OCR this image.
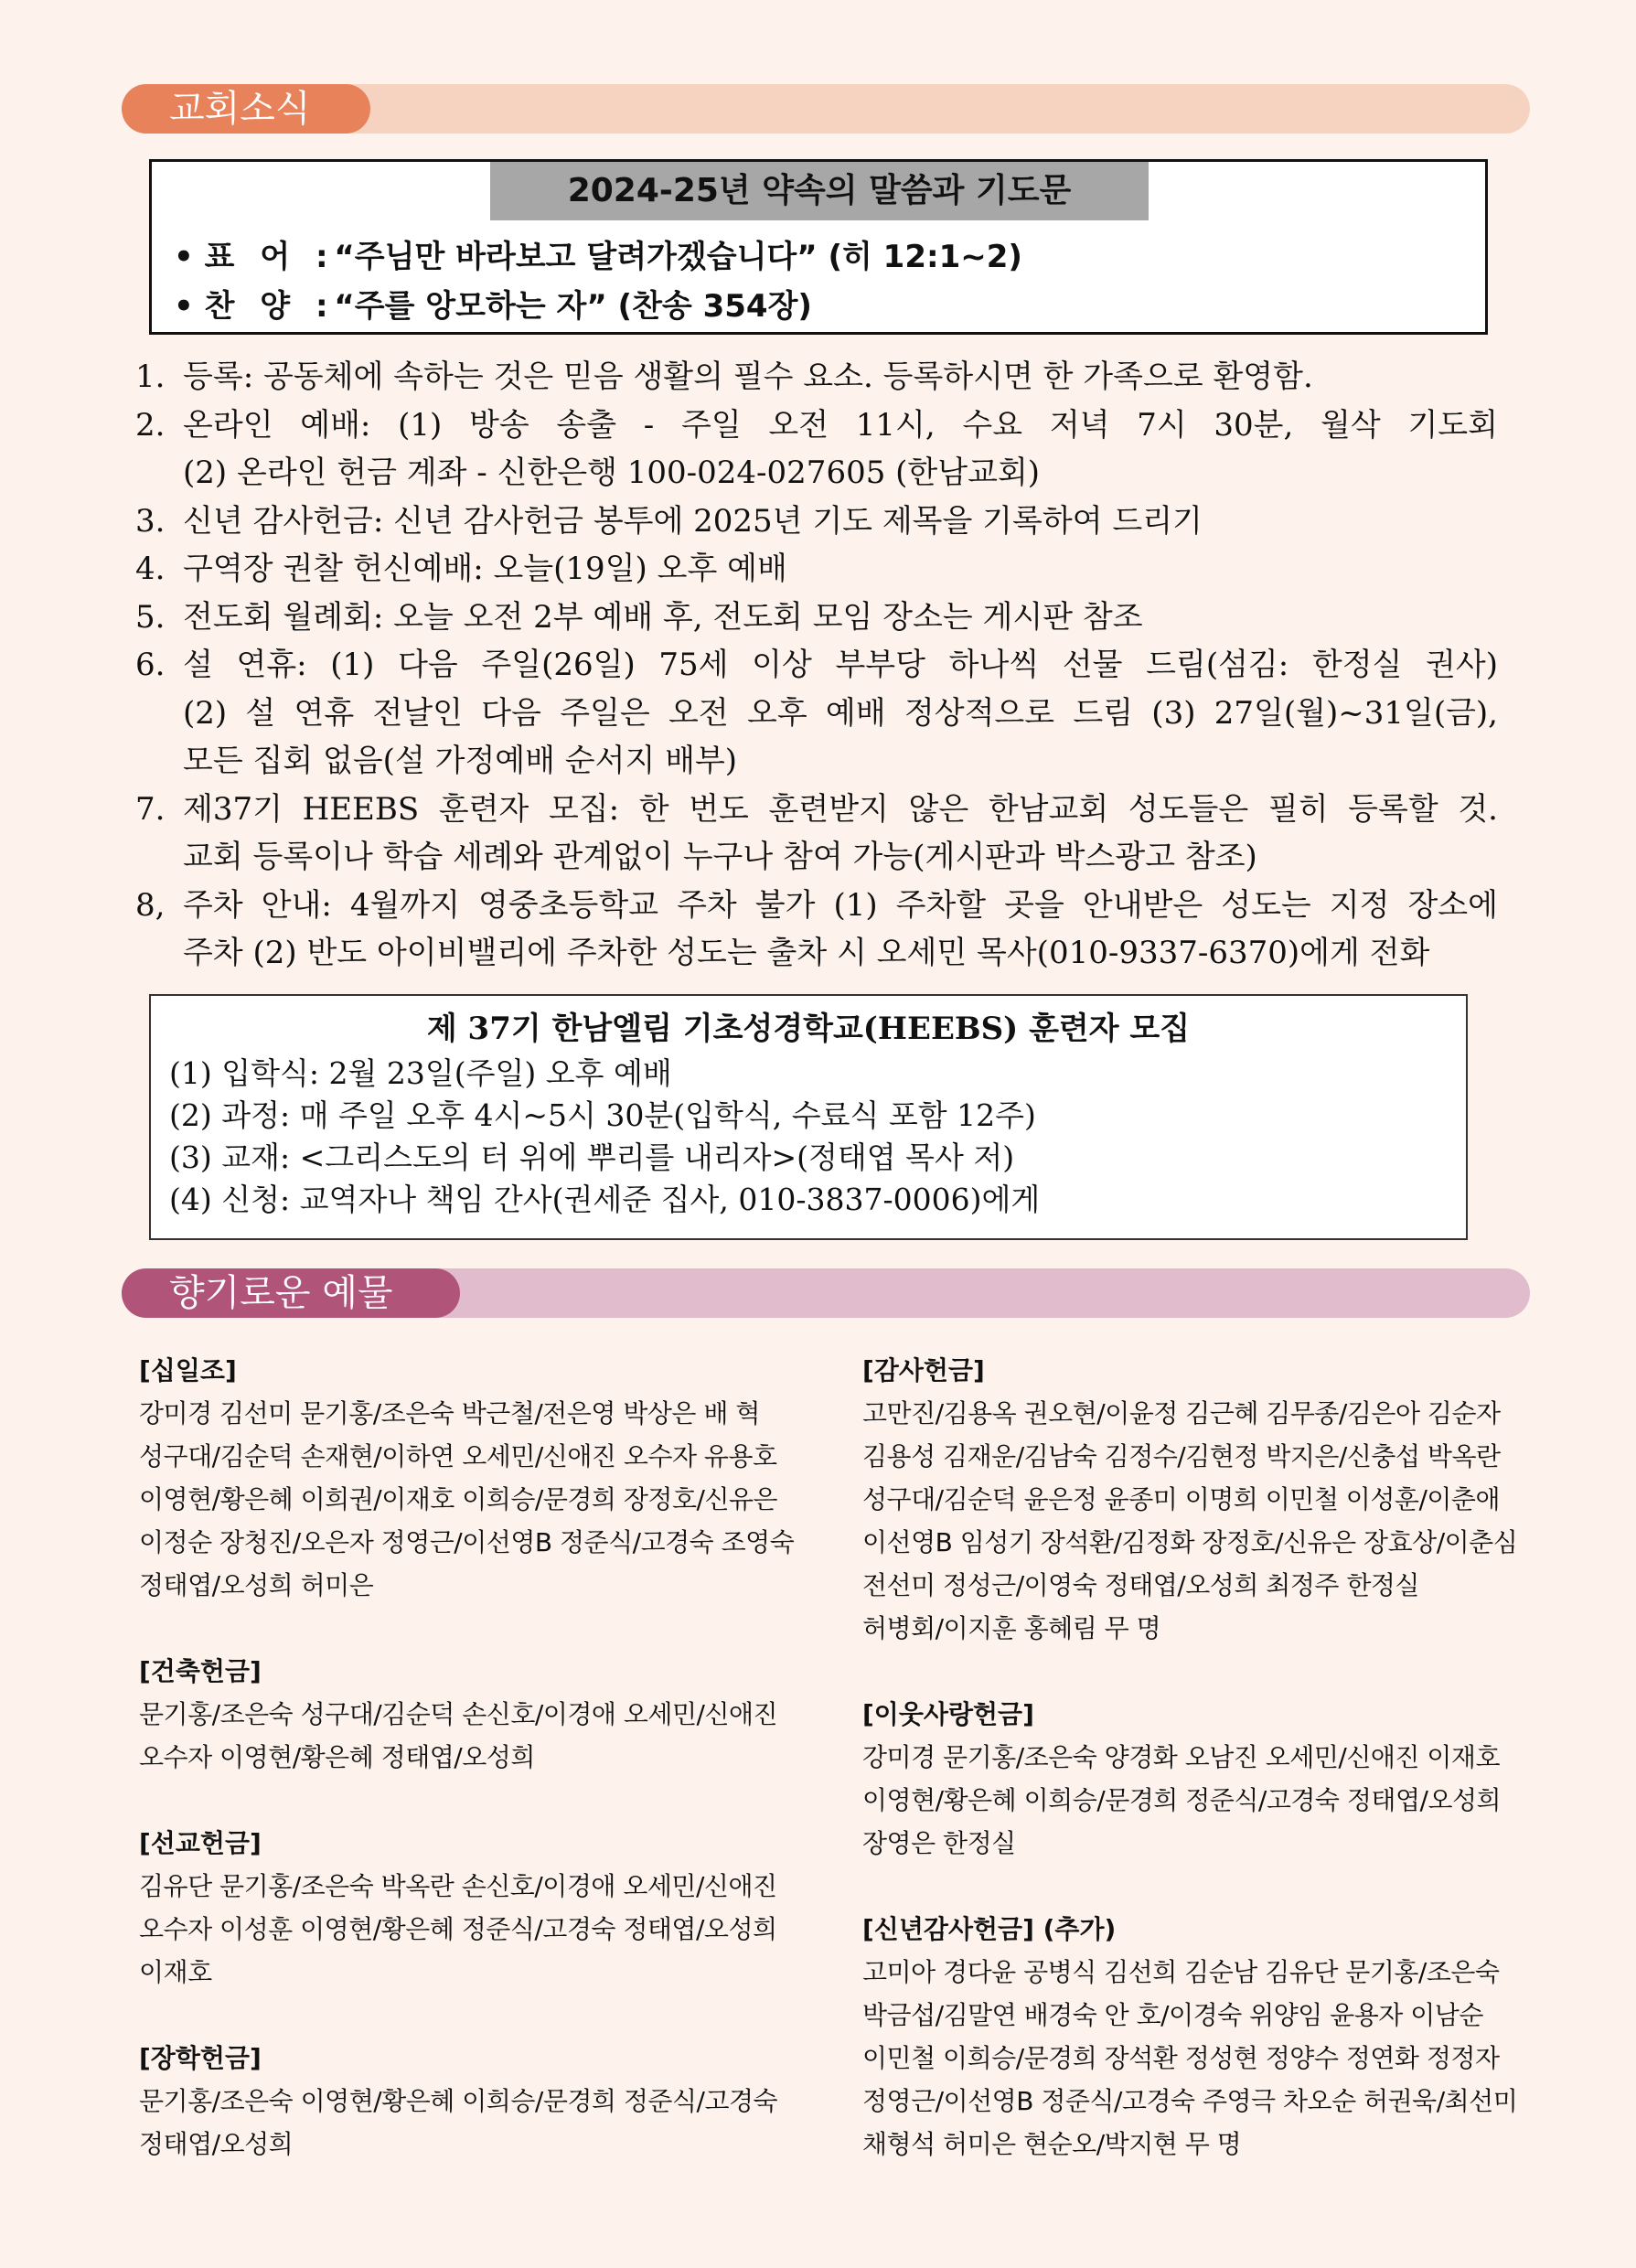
교회소식
2024-25년 약속의 말씀과 기도문
• 표 어 : “주님만 바라보고 달려가겠습니다” (히 12:1~2)
• 찬 양 : “주를 앙모하는 자” (찬송 354장)
1. 등록: 공동체에 속하는 것은 믿음 생활의 필수 요소. 등록하시면 한 가족으로 환영함.
2. 온라인 예배: (1) 방송 송출 - 주일 오전 11시, 수요 저녁 7시 30분, 월삭 기도회
(2) 온라인 헌금 계좌 - 신한은행 100-024-027605 (한남교회)
3. 신년 감사헌금: 신년 감사헌금 봉투에 2025년 기도 제목을 기록하여 드리기
4. 구역장 권찰 헌신예배: 오늘(19일) 오후 예배
5. 전도회 월례회: 오늘 오전 2부 예배 후, 전도회 모임 장소는 게시판 참조
6. 설 연휴: (1) 다음 주일(26일) 75세 이상 부부당 하나씩 선물 드림(섬김: 한정실 권사)
(2) 설 연휴 전날인 다음 주일은 오전 오후 예배 정상적으로 드림 (3) 27일(월)~31일(금),
모든 집회 없음(설 가정예배 순서지 배부)
7. 제37기 HEEBS 훈련자 모집: 한 번도 훈련받지 않은 한남교회 성도들은 필히 등록할 것.
교회 등록이나 학습 세례와 관계없이 누구나 참여 가능(게시판과 박스광고 참조)
8, 주차 안내: 4월까지 영중초등학교 주차 불가 (1) 주차할 곳을 안내받은 성도는 지정 장소에
주차 (2) 반도 아이비밸리에 주차한 성도는 출차 시 오세민 목사(010-9337-6370)에게 전화
제 37기 한남엘림 기초성경학교(HEEBS) 훈련자 모집
(1) 입학식: 2월 23일(주일) 오후 예배
(2) 과정: 매 주일 오후 4시~5시 30분(입학식, 수료식 포함 12주)
(3) 교재: <그리스도의 터 위에 뿌리를 내리자>(정태엽 목사 저)
(4) 신청: 교역자나 책임 간사(권세준 집사, 010-3837-0006)에게
향기로운 예물
[십일조]
강미경 김선미 문기홍/조은숙 박근철/전은영 박상은 배 혁
성구대/김순덕 손재현/이하연 오세민/신애진 오수자 유용호
이영현/황은혜 이희권/이재호 이희승/문경희 장정호/신유은
이정순 장청진/오은자 정영근/이선영B 정준식/고경숙 조영숙
정태엽/오성희 허미은
[건축헌금]
문기홍/조은숙 성구대/김순덕 손신호/이경애 오세민/신애진
오수자 이영현/황은혜 정태엽/오성희
[선교헌금]
김유단 문기홍/조은숙 박옥란 손신호/이경애 오세민/신애진
오수자 이성훈 이영현/황은혜 정준식/고경숙 정태엽/오성희
이재호
[장학헌금]
문기홍/조은숙 이영현/황은혜 이희승/문경희 정준식/고경숙
정태엽/오성희
[감사헌금]
고만진/김용옥 권오현/이윤정 김근혜 김무종/김은아 김순자
김용성 김재운/김남숙 김정수/김현정 박지은/신충섭 박옥란
성구대/김순덕 윤은정 윤종미 이명희 이민철 이성훈/이춘애
이선영B 임성기 장석환/김정화 장정호/신유은 장효상/이춘심
전선미 정성근/이영숙 정태엽/오성희 최정주 한정실
허병회/이지훈 홍혜림 무 명
[이웃사랑헌금]
강미경 문기홍/조은숙 양경화 오남진 오세민/신애진 이재호
이영현/황은혜 이희승/문경희 정준식/고경숙 정태엽/오성희
장영은 한정실
[신년감사헌금] (추가)
고미아 경다윤 공병식 김선희 김순남 김유단 문기홍/조은숙
박금섭/김말연 배경숙 안 호/이경숙 위양임 윤용자 이남순
이민철 이희승/문경희 장석환 정성현 정양수 정연화 정정자
정영근/이선영B 정준식/고경숙 주영극 차오순 허권욱/최선미
채형석 허미은 현순오/박지현 무 명
